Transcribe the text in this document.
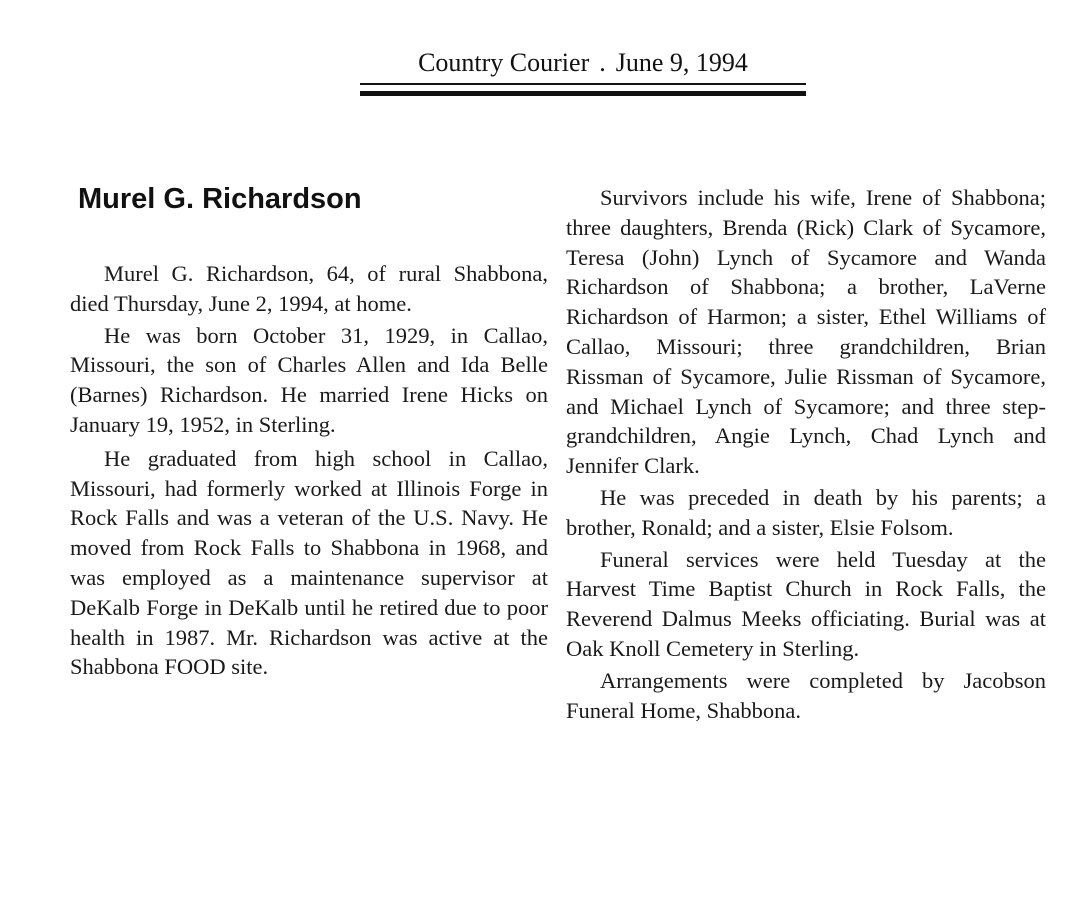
Country Courier . June 9, 1994
Murel G. Richardson

Murel G. Richardson, 64, of rural Shabbona, died Thursday, June 2, 1994, at home.

He was born October 31, 1929, in Callao, Missouri, the son of Charles Allen and Ida Belle (Barnes) Richardson. He married Irene Hicks on January 19, 1952, in Sterling.

He graduated from high school in Callao, Missouri, had formerly worked at Illinois Forge in Rock Falls and was a veteran of the U.S. Navy. He moved from Rock Falls to Shabbona in 1968, and was employed as a maintenance supervisor at DeKalb Forge in DeKalb until he retired due to poor health in 1987. Mr. Richardson was active at the Shabbona FOOD site.

Survivors include his wife, Irene of Shabbona; three daughters, Brenda (Rick) Clark of Sycamore, Teresa (John) Lynch of Sycamore and Wanda Richardson of Shabbona; a brother, LaVerne Richardson of Harmon; a sister, Ethel Williams of Callao, Missouri; three grandchildren, Brian Rissman of Sycamore, Julie Rissman of Sycamore, and Michael Lynch of Sycamore; and three step-grandchildren, Angie Lynch, Chad Lynch and Jennifer Clark.

He was preceded in death by his parents; a brother, Ronald; and a sister, Elsie Folsom.

Funeral services were held Tuesday at the Harvest Time Baptist Church in Rock Falls, the Reverend Dalmus Meeks officiating. Burial was at Oak Knoll Cemetery in Sterling.

Arrangements were completed by Jacobson Funeral Home, Shabbona.
